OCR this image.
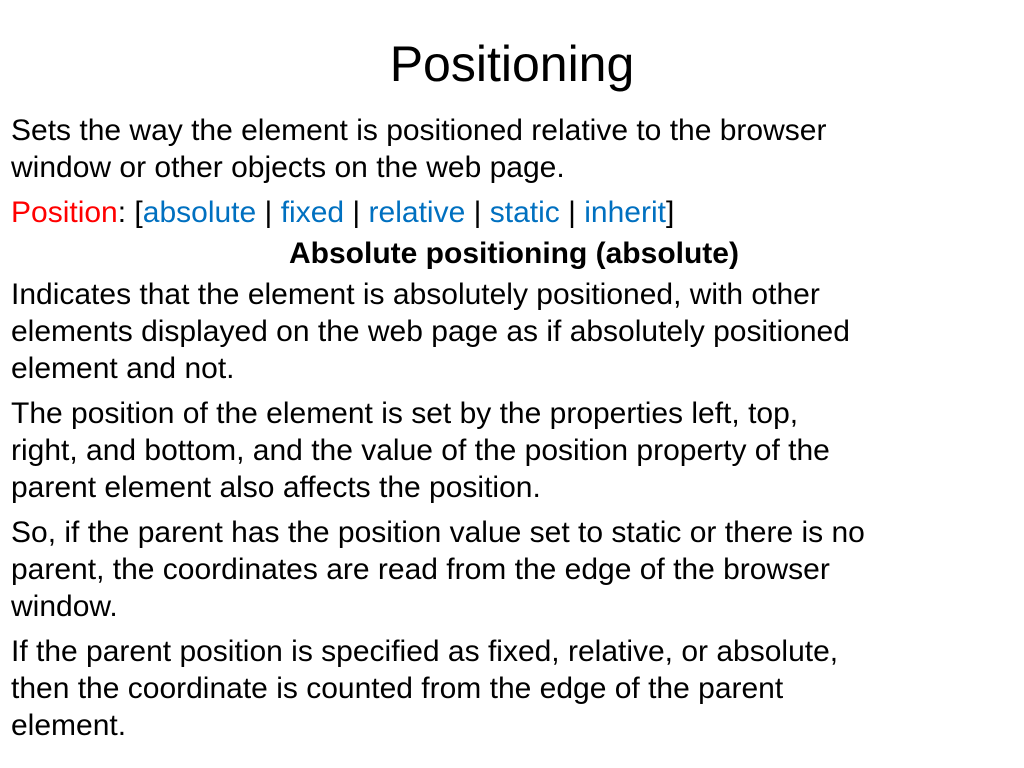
Positioning

Sets the way the element is positioned relative to the browser
window or other objects on the web page.

Position: [absolute | fixed | relative | static | inherit]

Absolute positioning (absolute)

Indicates that the element is absolutely positioned, with other
elements displayed on the web page as if absolutely positioned
element and not.

The position of the element is set by the properties left, top,
right, and bottom, and the value of the position property of the
parent element also affects the position.

So, if the parent has the position value set to static or there is no
parent, the coordinates are read from the edge of the browser
window.

If the parent position is specified as fixed, relative, or absolute,
then the coordinate is counted from the edge of the parent
element.
